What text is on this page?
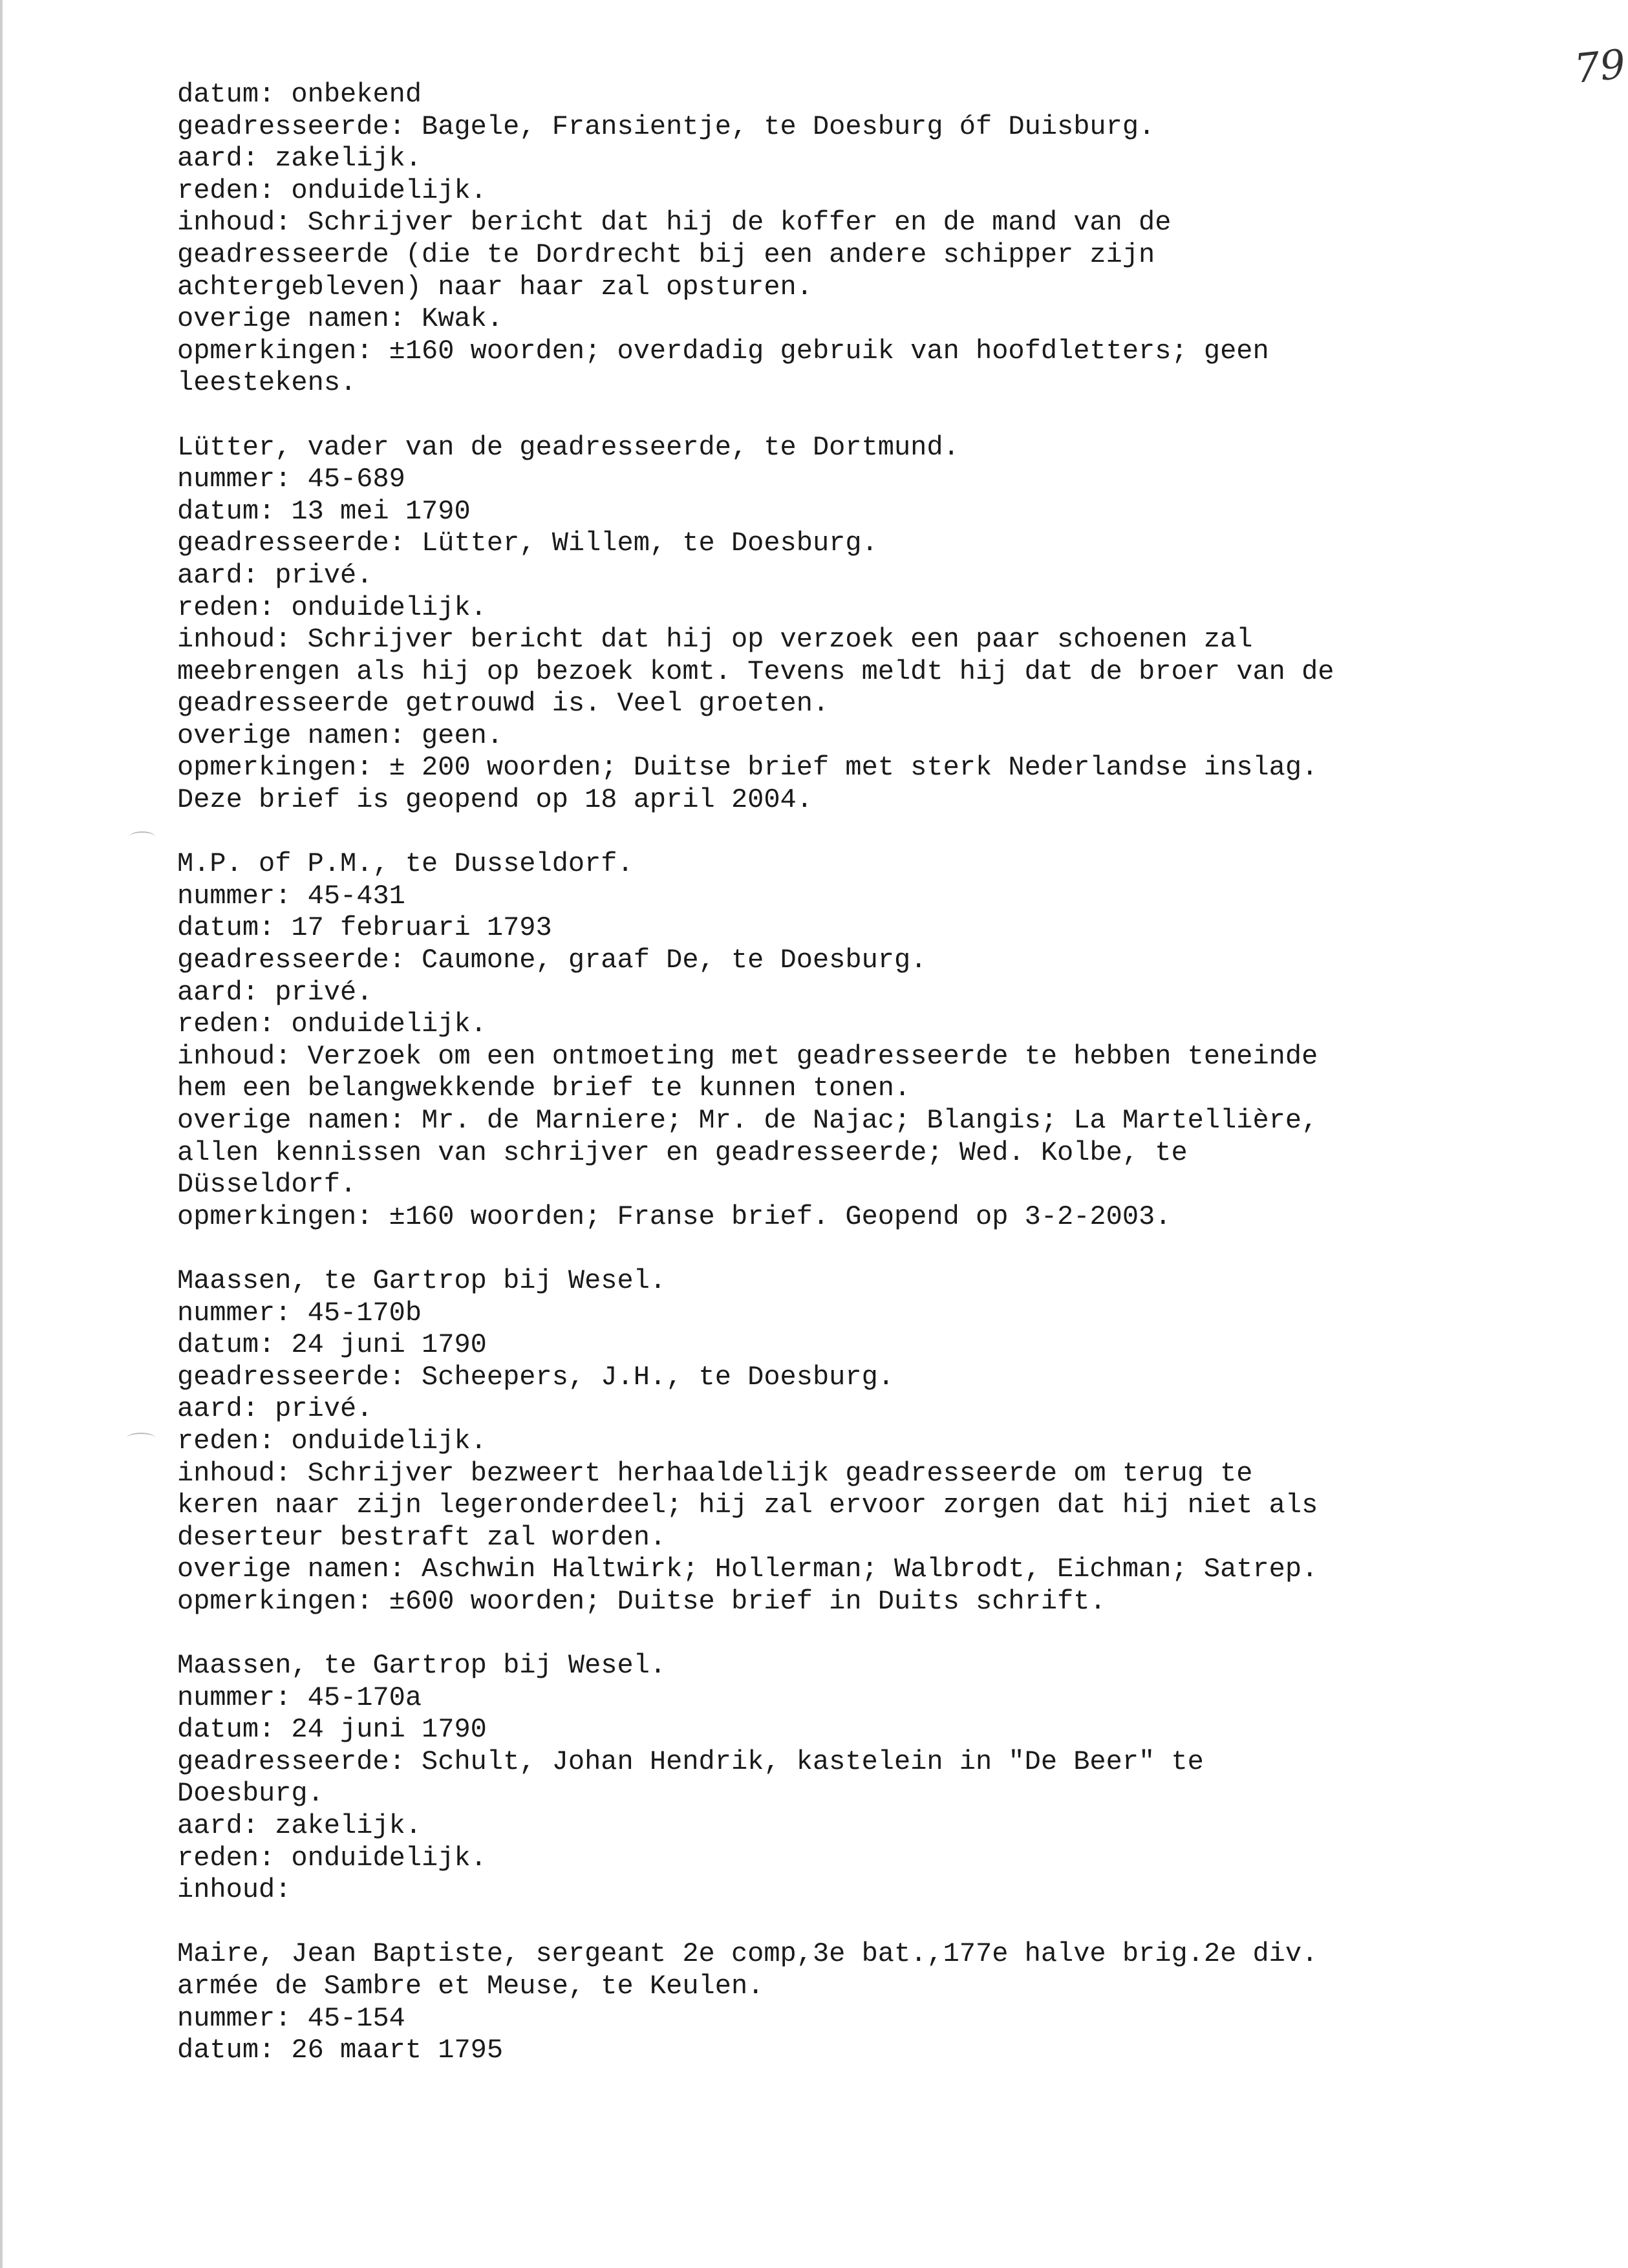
79
datum: onbekend
geadresseerde: Bagele, Fransientje, te Doesburg óf Duisburg.
aard: zakelijk.
reden: onduidelijk.
inhoud: Schrijver bericht dat hij de koffer en de mand van de
geadresseerde (die te Dordrecht bij een andere schipper zijn
achtergebleven) naar haar zal opsturen.
overige namen: Kwak.
opmerkingen: ±160 woorden; overdadig gebruik van hoofdletters; geen
leestekens.
Lütter, vader van de geadresseerde, te Dortmund.
nummer: 45-689
datum: 13 mei 1790
geadresseerde: Lütter, Willem, te Doesburg.
aard: privé.
reden: onduidelijk.
inhoud: Schrijver bericht dat hij op verzoek een paar schoenen zal
meebrengen als hij op bezoek komt. Tevens meldt hij dat de broer van de
geadresseerde getrouwd is. Veel groeten.
overige namen: geen.
opmerkingen: ± 200 woorden; Duitse brief met sterk Nederlandse inslag.
Deze brief is geopend op 18 april 2004.
M.P. of P.M., te Dusseldorf.
nummer: 45-431
datum: 17 februari 1793
geadresseerde: Caumone, graaf De, te Doesburg.
aard: privé.
reden: onduidelijk.
inhoud: Verzoek om een ontmoeting met geadresseerde te hebben teneinde
hem een belangwekkende brief te kunnen tonen.
overige namen: Mr. de Marniere; Mr. de Najac; Blangis; La Martellière,
allen kennissen van schrijver en geadresseerde; Wed. Kolbe, te
Düsseldorf.
opmerkingen: ±160 woorden; Franse brief. Geopend op 3-2-2003.
Maassen, te Gartrop bij Wesel.
nummer: 45-170b
datum: 24 juni 1790
geadresseerde: Scheepers, J.H., te Doesburg.
aard: privé.
reden: onduidelijk.
inhoud: Schrijver bezweert herhaaldelijk geadresseerde om terug te
keren naar zijn legeronderdeel; hij zal ervoor zorgen dat hij niet als
deserteur bestraft zal worden.
overige namen: Aschwin Haltwirk; Hollerman; Walbrodt, Eichman; Satrep.
opmerkingen: ±600 woorden; Duitse brief in Duits schrift.
Maassen, te Gartrop bij Wesel.
nummer: 45-170a
datum: 24 juni 1790
geadresseerde: Schult, Johan Hendrik, kastelein in "De Beer" te
Doesburg.
aard: zakelijk.
reden: onduidelijk.
inhoud:
Maire, Jean Baptiste, sergeant 2e comp,3e bat.,177e halve brig.2e div.
armée de Sambre et Meuse, te Keulen.
nummer: 45-154
datum: 26 maart 1795
